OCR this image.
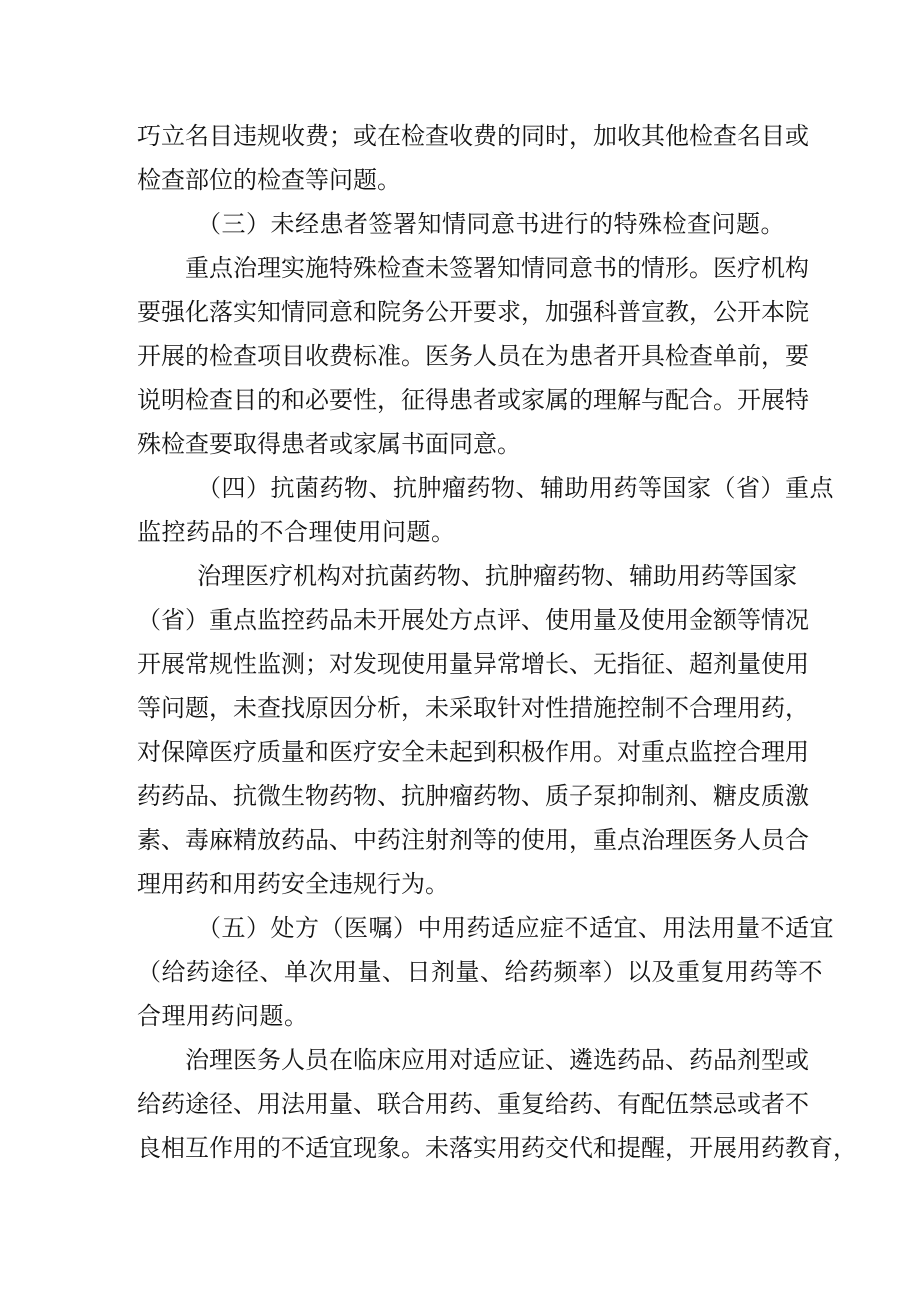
巧立名目违规收费；或在检查收费的同时，加收其他检查名目或
检查部位的检查等问题。
（三）未经患者签署知情同意书进行的特殊检查问题。
重点治理实施特殊检查未签署知情同意书的情形。医疗机构
要强化落实知情同意和院务公开要求，加强科普宣教，公开本院
开展的检查项目收费标准。医务人员在为患者开具检查单前，要
说明检查目的和必要性，征得患者或家属的理解与配合。开展特
殊检查要取得患者或家属书面同意。
（四）抗菌药物、抗肿瘤药物、辅助用药等国家（省）重点
监控药品的不合理使用问题。
治理医疗机构对抗菌药物、抗肿瘤药物、辅助用药等国家
（省）重点监控药品未开展处方点评、使用量及使用金额等情况
开展常规性监测；对发现使用量异常增长、无指征、超剂量使用
等问题，未查找原因分析，未采取针对性措施控制不合理用药，
对保障医疗质量和医疗安全未起到积极作用。对重点监控合理用
药药品、抗微生物药物、抗肿瘤药物、质子泵抑制剂、糖皮质激
素、毒麻精放药品、中药注射剂等的使用，重点治理医务人员合
理用药和用药安全违规行为。
（五）处方（医嘱）中用药适应症不适宜、用法用量不适宜
（给药途径、单次用量、日剂量、给药频率）以及重复用药等不
合理用药问题。
治理医务人员在临床应用对适应证、遴选药品、药品剂型或
给药途径、用法用量、联合用药、重复给药、有配伍禁忌或者不
良相互作用的不适宜现象。未落实用药交代和提醒，开展用药教育，
